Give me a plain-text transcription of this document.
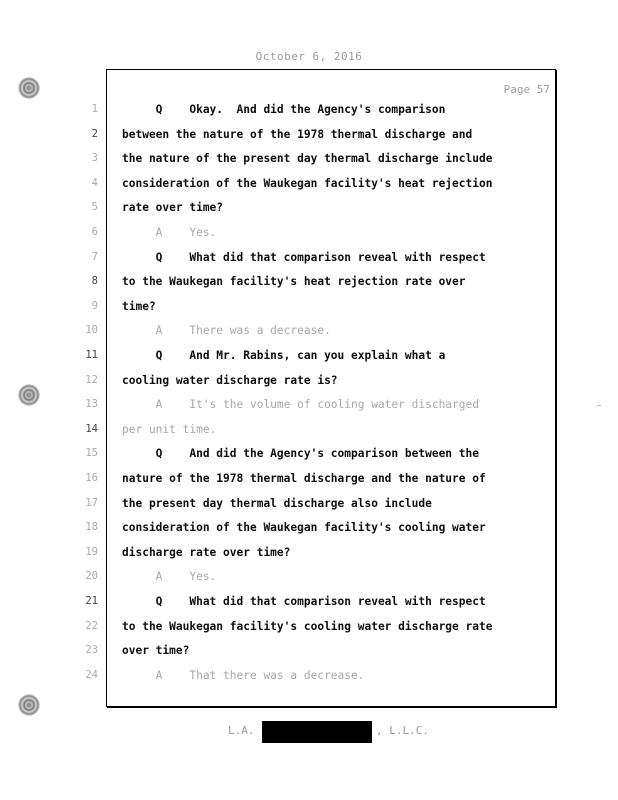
October 6, 2016
Page 57
1 Q    Okay.  And did the Agency's comparison
2 between the nature of the 1978 thermal discharge and
3 the nature of the present day thermal discharge include
4 consideration of the Waukegan facility's heat rejection
5 rate over time?
6 A    Yes.
7 Q    What did that comparison reveal with respect
8 to the Waukegan facility's heat rejection rate over
9 time?
10 A    There was a decrease.
11 Q    And Mr. Rabins, can you explain what a
12 cooling water discharge rate is?
13 A    It's the volume of cooling water discharged
14 per unit time.
15 Q    And did the Agency's comparison between the
16 nature of the 1978 thermal discharge and the nature of
17 the present day thermal discharge also include
18 consideration of the Waukegan facility's cooling water
19 discharge rate over time?
20 A    Yes.
21 Q    What did that comparison reveal with respect
22 to the Waukegan facility's cooling water discharge rate
23 over time?
24 A    That there was a decrease.
L.A.	, L.L.C.
